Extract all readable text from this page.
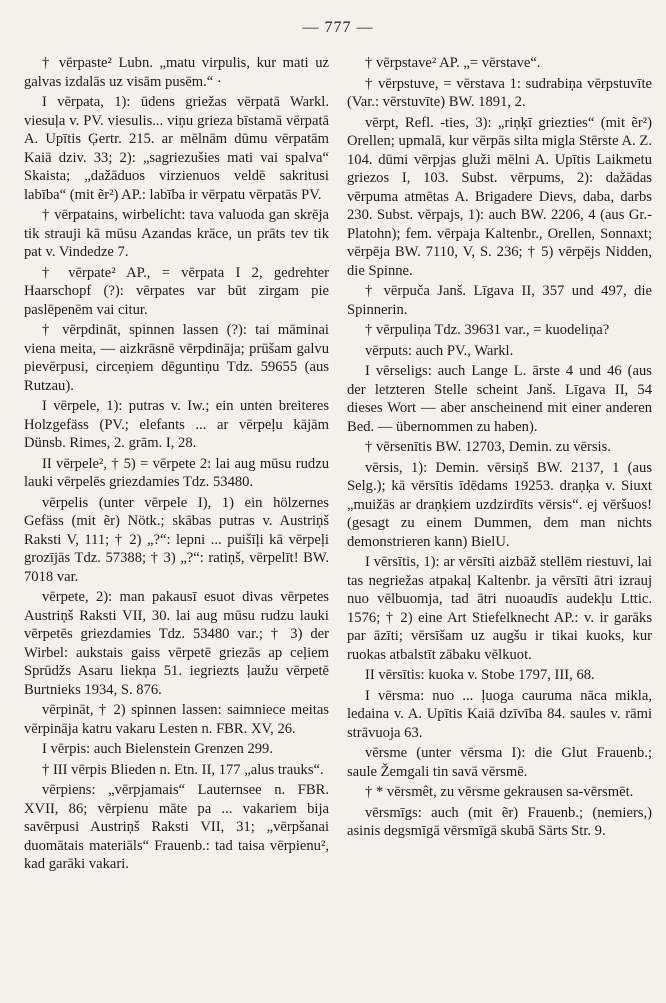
— 777 —

† vērpaste² Lubn. „matu virpulis, kur mati uz galvas izdalās uz visām pusēm.“ ·

I vērpata, 1): ūdens griežas vērpatā Warkl. viesuļa v. PV. viesulis... viņu grieza bīstamā vērpatā A. Upītis Ģertr. 215. ar mēlnām dūmu vērpatām Kaiā dziv. 33; 2): „sagriezušies mati vai spalva“ Skaista; „dažāduos virzienuos veldē sakritusi labība“ (mit ẽr²) AP.: labība ir vērpatu vērpatās PV.

† vērpatains, wirbelicht: tava valuoda gan skrēja tik strauji kā mūsu Azandas krāce, un prāts tev tik pat v. Vindedze 7.

† vērpate² AP., = vērpata I 2, gedrehter Haarschopf (?): vērpates var būt zirgam pie paslēpenēm vai citur.

† vērpdināt, spinnen lassen (?): tai māminai viena meita, — aizkrāsnē vērpdināja; prūšam galvu pievērpusi, circeņiem dēguntiņu Tdz. 59655 (aus Rutzau).

I vērpele, 1): putras v. Iw.; ein unten breiteres Holzgefäss (PV.; elefants ... ar vērpeļu kājām Dünsb. Rimes, 2. grām. I, 28.

II vērpele², † 5) = vērpete 2: lai aug mūsu rudzu lauki vērpelēs griezdamies Tdz. 53480.

vērpelis (unter vērpele I), 1) ein hölzernes Gefäss (mit ẽr) Nötk.; skābas putras v. Austriņš Raksti V, 111; † 2) „?“: lepni ... puišīļi kā vērpeļi grozījās Tdz. 57388; † 3) „?“: ratiņš, vērpelīt! BW. 7018 var.

vērpete, 2): man pakausī esuot divas vērpetes Austriņš Raksti VII, 30. lai aug mūsu rudzu lauki vērpetēs griezdamies Tdz. 53480 var.; † 3) der Wirbel: aukstais gaiss vērpetē griezās ap ceļiem Sprūdžs Asaru liekņa 51. iegriezts ļaužu vērpetē Burtnieks 1934, S. 876.

vērpināt, † 2) spinnen lassen: saimniece meitas vērpināja katru vakaru Lesten n. FBR. XV, 26.

I vērpis: auch Bielenstein Grenzen 299.

† III vērpis Blieden n. Etn. II, 177 „alus trauks“.

vērpiens: „vērpjamais“ Lauternsee n. FBR. XVII, 86; vērpienu māte pa ... vakariem bija savērpusi Austriņš Raksti VII, 31; „vērpšanai duomātais materiāls“ Frauenb.: tad taisa vērpienu², kad garāki vakari.

† vērpstave² AP. „= vērstave“.

† vērpstuve, = vērstava 1: sudrabiņa vērpstuvīte (Var.: vērstuvīte) BW. 1891, 2.

vērpt, Refl. -ties, 3): „riņķī griezties“ (mit ẽr²) Orellen; upmalā, kur vērpās silta migla Stērste A. Z. 104. dūmi vērpjas gluži mēlni A. Upītis Laikmetu griezos I, 103. Subst. vērpums, 2): dažādas vērpuma atmētas A. Brigadere Dievs, daba, darbs 230. Subst. vērpajs, 1): auch BW. 2206, 4 (aus Gr.-Platohn); fem. vērpaja Kaltenbr., Orellen, Sonnaxt; vērpēja BW. 7110, V, S. 236; † 5) vērpējs Nidden, die Spinne.

† vērpuča Janš. Līgava II, 357 und 497, die Spinnerin.

† vērpuliņa Tdz. 39631 var., = kuodeliņa?

vērputs: auch PV., Warkl.

I vērseligs: auch Lange L. ārste 4 und 46 (aus der letzteren Stelle scheint Janš. Līgava II, 54 dieses Wort — aber anscheinend mit einer anderen Bed. — übernommen zu haben).

† vērsenītis BW. 12703, Demin. zu vērsis.

vērsis, 1): Demin. vērsiņš BW. 2137, 1 (aus Selg.); kā vērsītis īdēdams 19253. draņķa v. Siuxt „muižās ar draņķiem uzdzirdīts vērsis“. ej vēršuos! (gesagt zu einem Dummen, dem man nichts demonstrieren kann) BielU.

I vērsītis, 1): ar vērsīti aizbāž stellēm riestuvi, lai tas negriežas atpakaļ Kaltenbr. ja vērsīti ātri izrauj nuo vēlbuomja, tad ātri nuoaudīs audekļu Lttic. 1576; † 2) eine Art Stiefelknecht AP.: v. ir garāks par āzīti; vērsīšam uz augšu ir tikai kuoks, kur ruokas atbalstīt zābaku vēlkuot.

II vērsītis: kuoka v. Stobe 1797, III, 68.

I vērsma: nuo ... ļuoga cauruma nāca mikla, ledaina v. A. Upītis Kaiā dzīvība 84. saules v. rāmi strāvuoja 63.

vērsme (unter vērsma I): die Glut Frauenb.; saule Žemgali tin savā vērsmē.

† * vērsmêt, zu vērsme gekrausen sa-vērsmēt.

vērsmīgs: auch (mit ẽr) Frauenb.; (nemiers,) asinis degsmīgā vērsmīgā skubā Sārts Str. 9.
